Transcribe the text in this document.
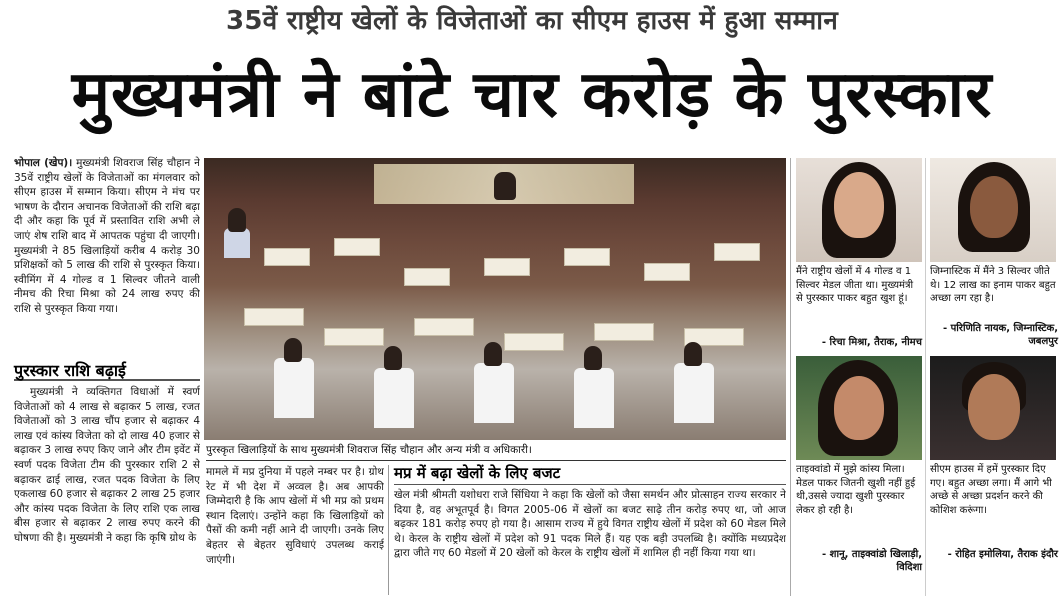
35वें राष्ट्रीय खेलों के विजेताओं का सीएम हाउस में हुआ सम्मान
मुख्यमंत्री ने बांटे चार करोड़ के पुरस्कार
भोपाल (खेप)। मुख्यमंत्री शिवराज सिंह चौहान ने 35वें राष्ट्रीय खेलों के विजेताओं का मंगलवार को सीएम हाउस में सम्मान किया। सीएम ने मंच पर भाषण के दौरान अचानक विजेताओं की राशि बढ़ा दी और कहा कि पूर्व में प्रस्तावित राशि अभी ले जाएं शेष राशि बाद में आपतक पहुंचा दी जाएगी। मुख्यमंत्री ने 85 खिलाड़ियों करीब 4 करोड़ 30 प्रशिक्षकों को 5 लाख की राशि से पुरस्कृत किया। स्वीमिंग में 4 गोल्ड व 1 सिल्वर जीतने वाली नीमच की रिचा मिश्रा को 24 लाख रुपए की राशि से पुरस्कृत किया गया।
पुरस्कार राशि बढ़ाई
मुख्यमंत्री ने व्यक्तिगत विधाओं में स्वर्ण विजेताओं को 4 लाख से बढ़ाकर 5 लाख, रजत विजेताओं को 3 लाख चौंप हजार से बढ़ाकर 4 लाख एवं कांस्य विजेता को दो लाख 40 हजार से बढ़ाकर 3 लाख रुपए किए जाने और टीम इवेंट में स्वर्ण पदक विजेता टीम की पुरस्कार राशि 2 से बढ़ाकर ढाई लाख, रजत पदक विजेता के लिए एकलाख 60 हजार से बढ़ाकर 2 लाख 25 हजार और कांस्य पदक विजेता के लिए राशि एक लाख बीस हजार से बढ़ाकर 2 लाख रुपए करने की घोषणा की है। मुख्यमंत्री ने कहा कि कृषि ग्रोथ के
पुरस्कृत खिलाड़ियों के साथ मुख्यमंत्री शिवराज सिंह चौहान और अन्य मंत्री व अधिकारी।
मामले में मप्र दुनिया में पहले नम्बर पर है। ग्रोथ रेट में भी देश में अव्वल है। अब आपकी जिम्मेदारी है कि आप खेलों में भी मप्र को प्रथम स्थान दिलाएं। उन्होंने कहा कि खिलाड़ियों को पैसों की कमी नहीं आने दी जाएगी। उनके लिए बेहतर से बेहतर सुविधाएं उपलब्ध कराई जाएंगी।
मप्र में बढ़ा खेलों के लिए बजट
खेल मंत्री श्रीमती यशोधरा राजे सिंधिया ने कहा कि खेलों को जैसा समर्थन और प्रोत्साहन राज्य सरकार ने दिया है, वह अभूतपूर्व है। विगत 2005-06 में खेलों का बजट साढ़े तीन करोड़ रुपए था, जो आज बढ़कर 181 करोड़ रुपए हो गया है। आसाम राज्य में हुये विगत राष्ट्रीय खेलों में प्रदेश को 60 मेडल मिले थे। केरल के राष्ट्रीय खेलों में प्रदेश को 91 पदक मिले हैं। यह एक बड़ी उपलब्धि है। क्योंकि मध्यप्रदेश द्वारा जीते गए 60 मेडलों में 20 खेलों को केरल के राष्ट्रीय खेलों में शामिल ही नहीं किया गया था।
मैंने राष्ट्रीय खेलों में 4 गोल्ड व 1 सिल्वर मेडल जीता था। मुख्यमंत्री से पुरस्कार पाकर बहुत खुश हूं।
- रिचा मिश्रा, तैराक, नीमच
जिम्नास्टिक में मैंने 3 सिल्वर जीते थे। 12 लाख का इनाम पाकर बहुत अच्छा लग रहा है।
- परिणिति नायक, जिम्नास्टिक, जबलपुर
ताइक्वांडो में मुझे कांस्य मिला। मेडल पाकर जितनी खुशी नहीं हुई थी,उससे ज्यादा खुशी पुरस्कार लेकर हो रही है।
- शानू, ताइक्वांडो खिलाड़ी, विदिशा
सीएम हाउस में हमें पुरस्कार दिए गए। बहुत अच्छा लगा। मैं आगे भी अच्छे से अच्छा प्रदर्शन करने की कोशिश करूंगा।
- रोहित इमोलिया, तैराक इंदौर
